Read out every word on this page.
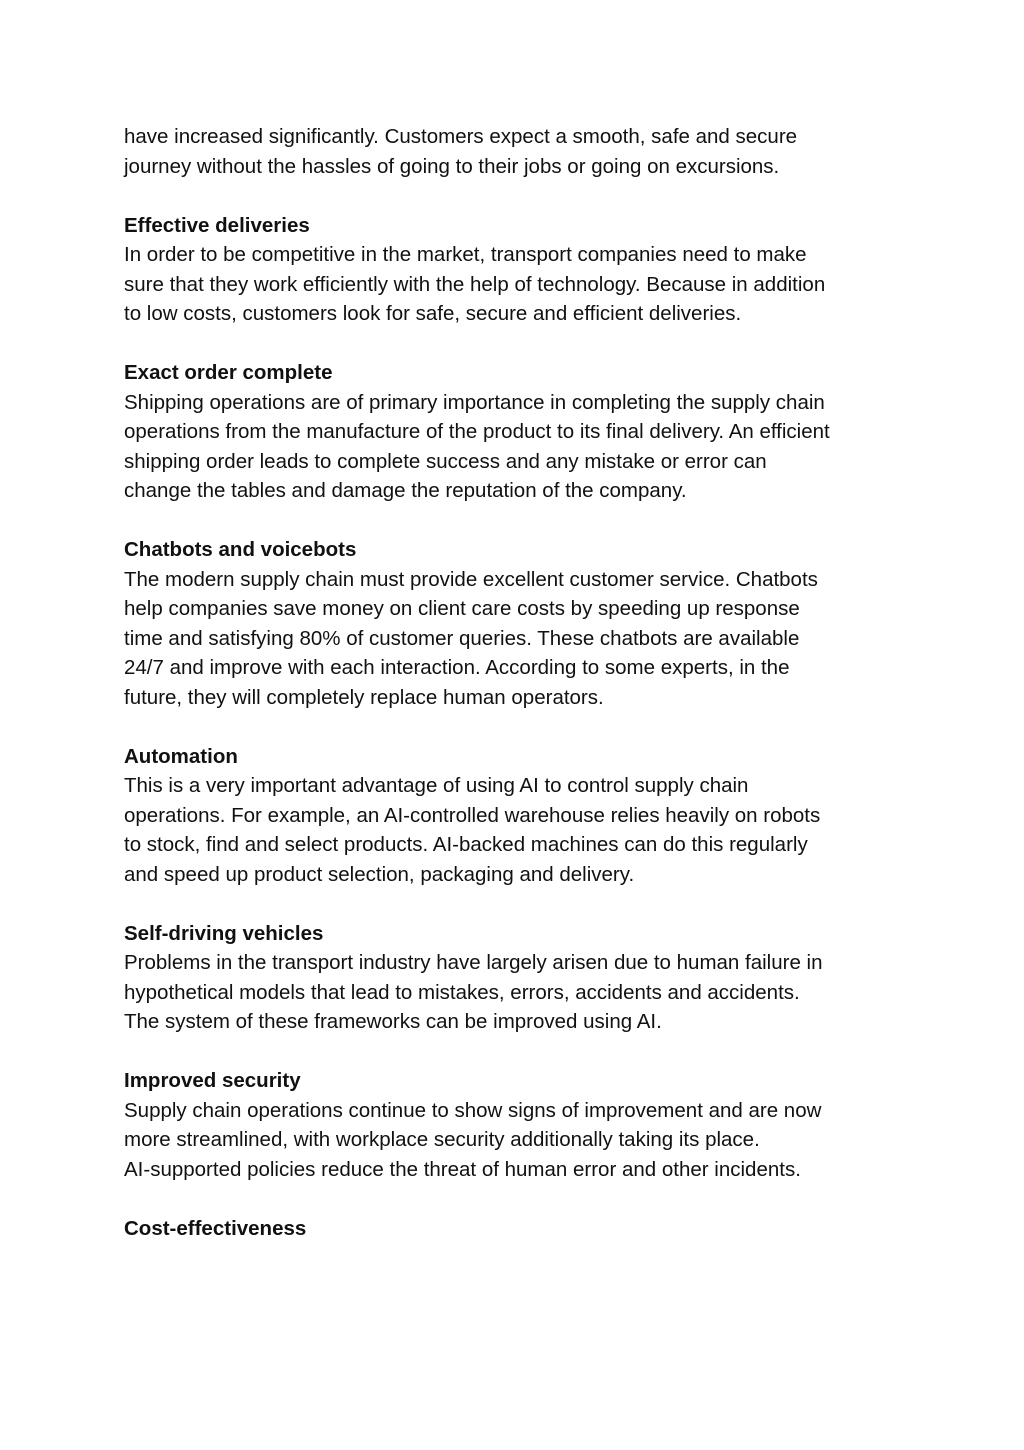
have increased significantly. Customers expect a smooth, safe and secure
journey without the hassles of going to their jobs or going on excursions.
Effective deliveries
In order to be competitive in the market, transport companies need to make
sure that they work efficiently with the help of technology. Because in addition
to low costs, customers look for safe, secure and efficient deliveries.
Exact order complete
Shipping operations are of primary importance in completing the supply chain
operations from the manufacture of the product to its final delivery. An efficient
shipping order leads to complete success and any mistake or error can
change the tables and damage the reputation of the company.
Chatbots and voicebots
The modern supply chain must provide excellent customer service. Chatbots
help companies save money on client care costs by speeding up response
time and satisfying 80% of customer queries. These chatbots are available
24/7 and improve with each interaction. According to some experts, in the
future, they will completely replace human operators.
Automation
This is a very important advantage of using AI to control supply chain
operations. For example, an AI-controlled warehouse relies heavily on robots
to stock, find and select products. AI-backed machines can do this regularly
and speed up product selection, packaging and delivery.
Self-driving vehicles
Problems in the transport industry have largely arisen due to human failure in
hypothetical models that lead to mistakes, errors, accidents and accidents.
The system of these frameworks can be improved using AI.
Improved security
Supply chain operations continue to show signs of improvement and are now
more streamlined, with workplace security additionally taking its place.
AI-supported policies reduce the threat of human error and other incidents.
Cost-effectiveness
